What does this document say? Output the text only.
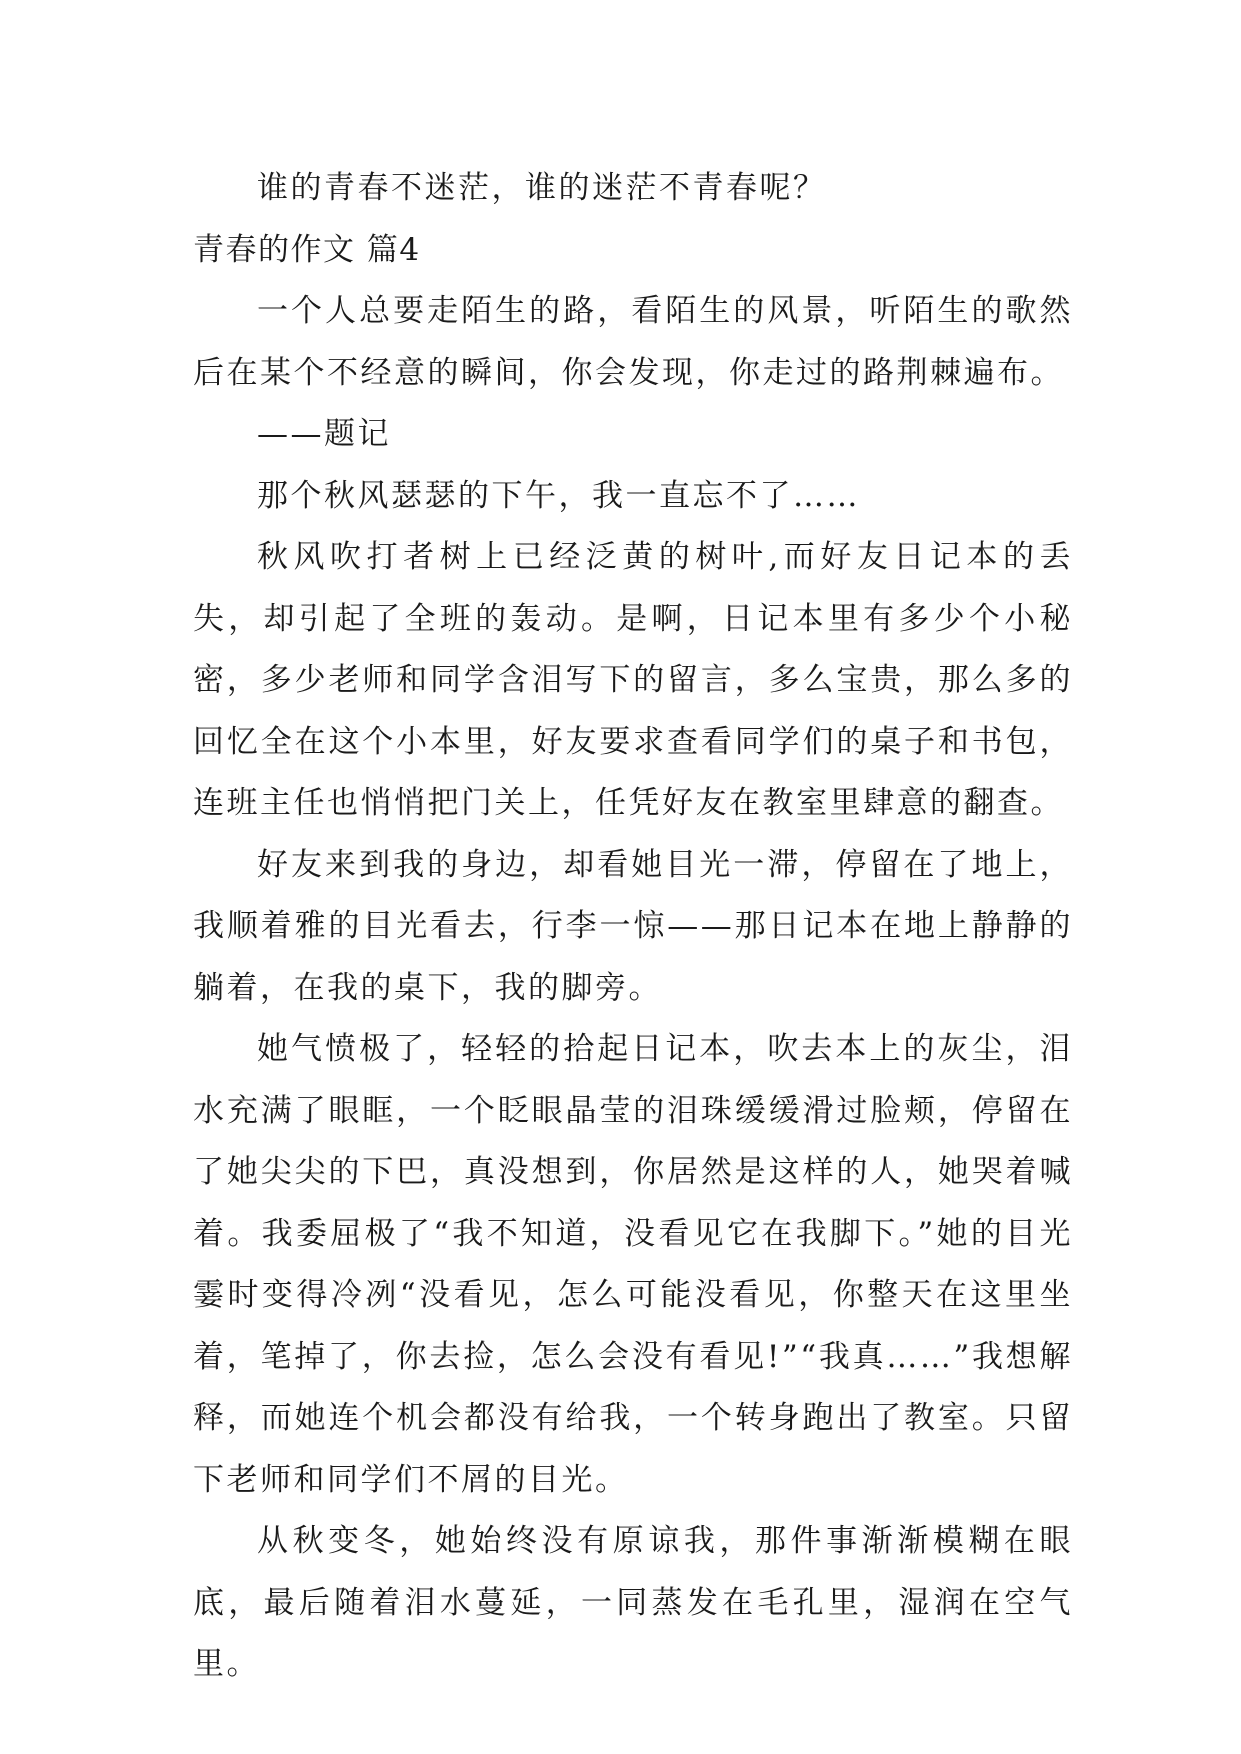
谁的青春不迷茫，谁的迷茫不青春呢？

青春的作文 篇4

一个人总要走陌生的路，看陌生的风景，听陌生的歌然后在某个不经意的瞬间，你会发现，你走过的路荆棘遍布。

——题记

那个秋风瑟瑟的下午，我一直忘不了……

秋风吹打者树上已经泛黄的树叶,而好友日记本的丢失，却引起了全班的轰动。是啊，日记本里有多少个小秘密，多少老师和同学含泪写下的留言，多么宝贵，那么多的回忆全在这个小本里，好友要求查看同学们的桌子和书包，连班主任也悄悄把门关上，任凭好友在教室里肆意的翻查。

好友来到我的身边，却看她目光一滞，停留在了地上，我顺着雅的目光看去，行李一惊——那日记本在地上静静的躺着，在我的桌下，我的脚旁。

她气愤极了，轻轻的拾起日记本，吹去本上的灰尘，泪水充满了眼眶，一个眨眼晶莹的泪珠缓缓滑过脸颊，停留在了她尖尖的下巴，真没想到，你居然是这样的人，她哭着喊着。我委屈极了“我不知道，没看见它在我脚下。”她的目光霎时变得冷冽“没看见，怎么可能没看见，你整天在这里坐着，笔掉了，你去捡，怎么会没有看见!”“我真……”我想解释，而她连个机会都没有给我，一个转身跑出了教室。只留下老师和同学们不屑的目光。

从秋变冬，她始终没有原谅我，那件事渐渐模糊在眼底，最后随着泪水蔓延，一同蒸发在毛孔里，湿润在空气里。
